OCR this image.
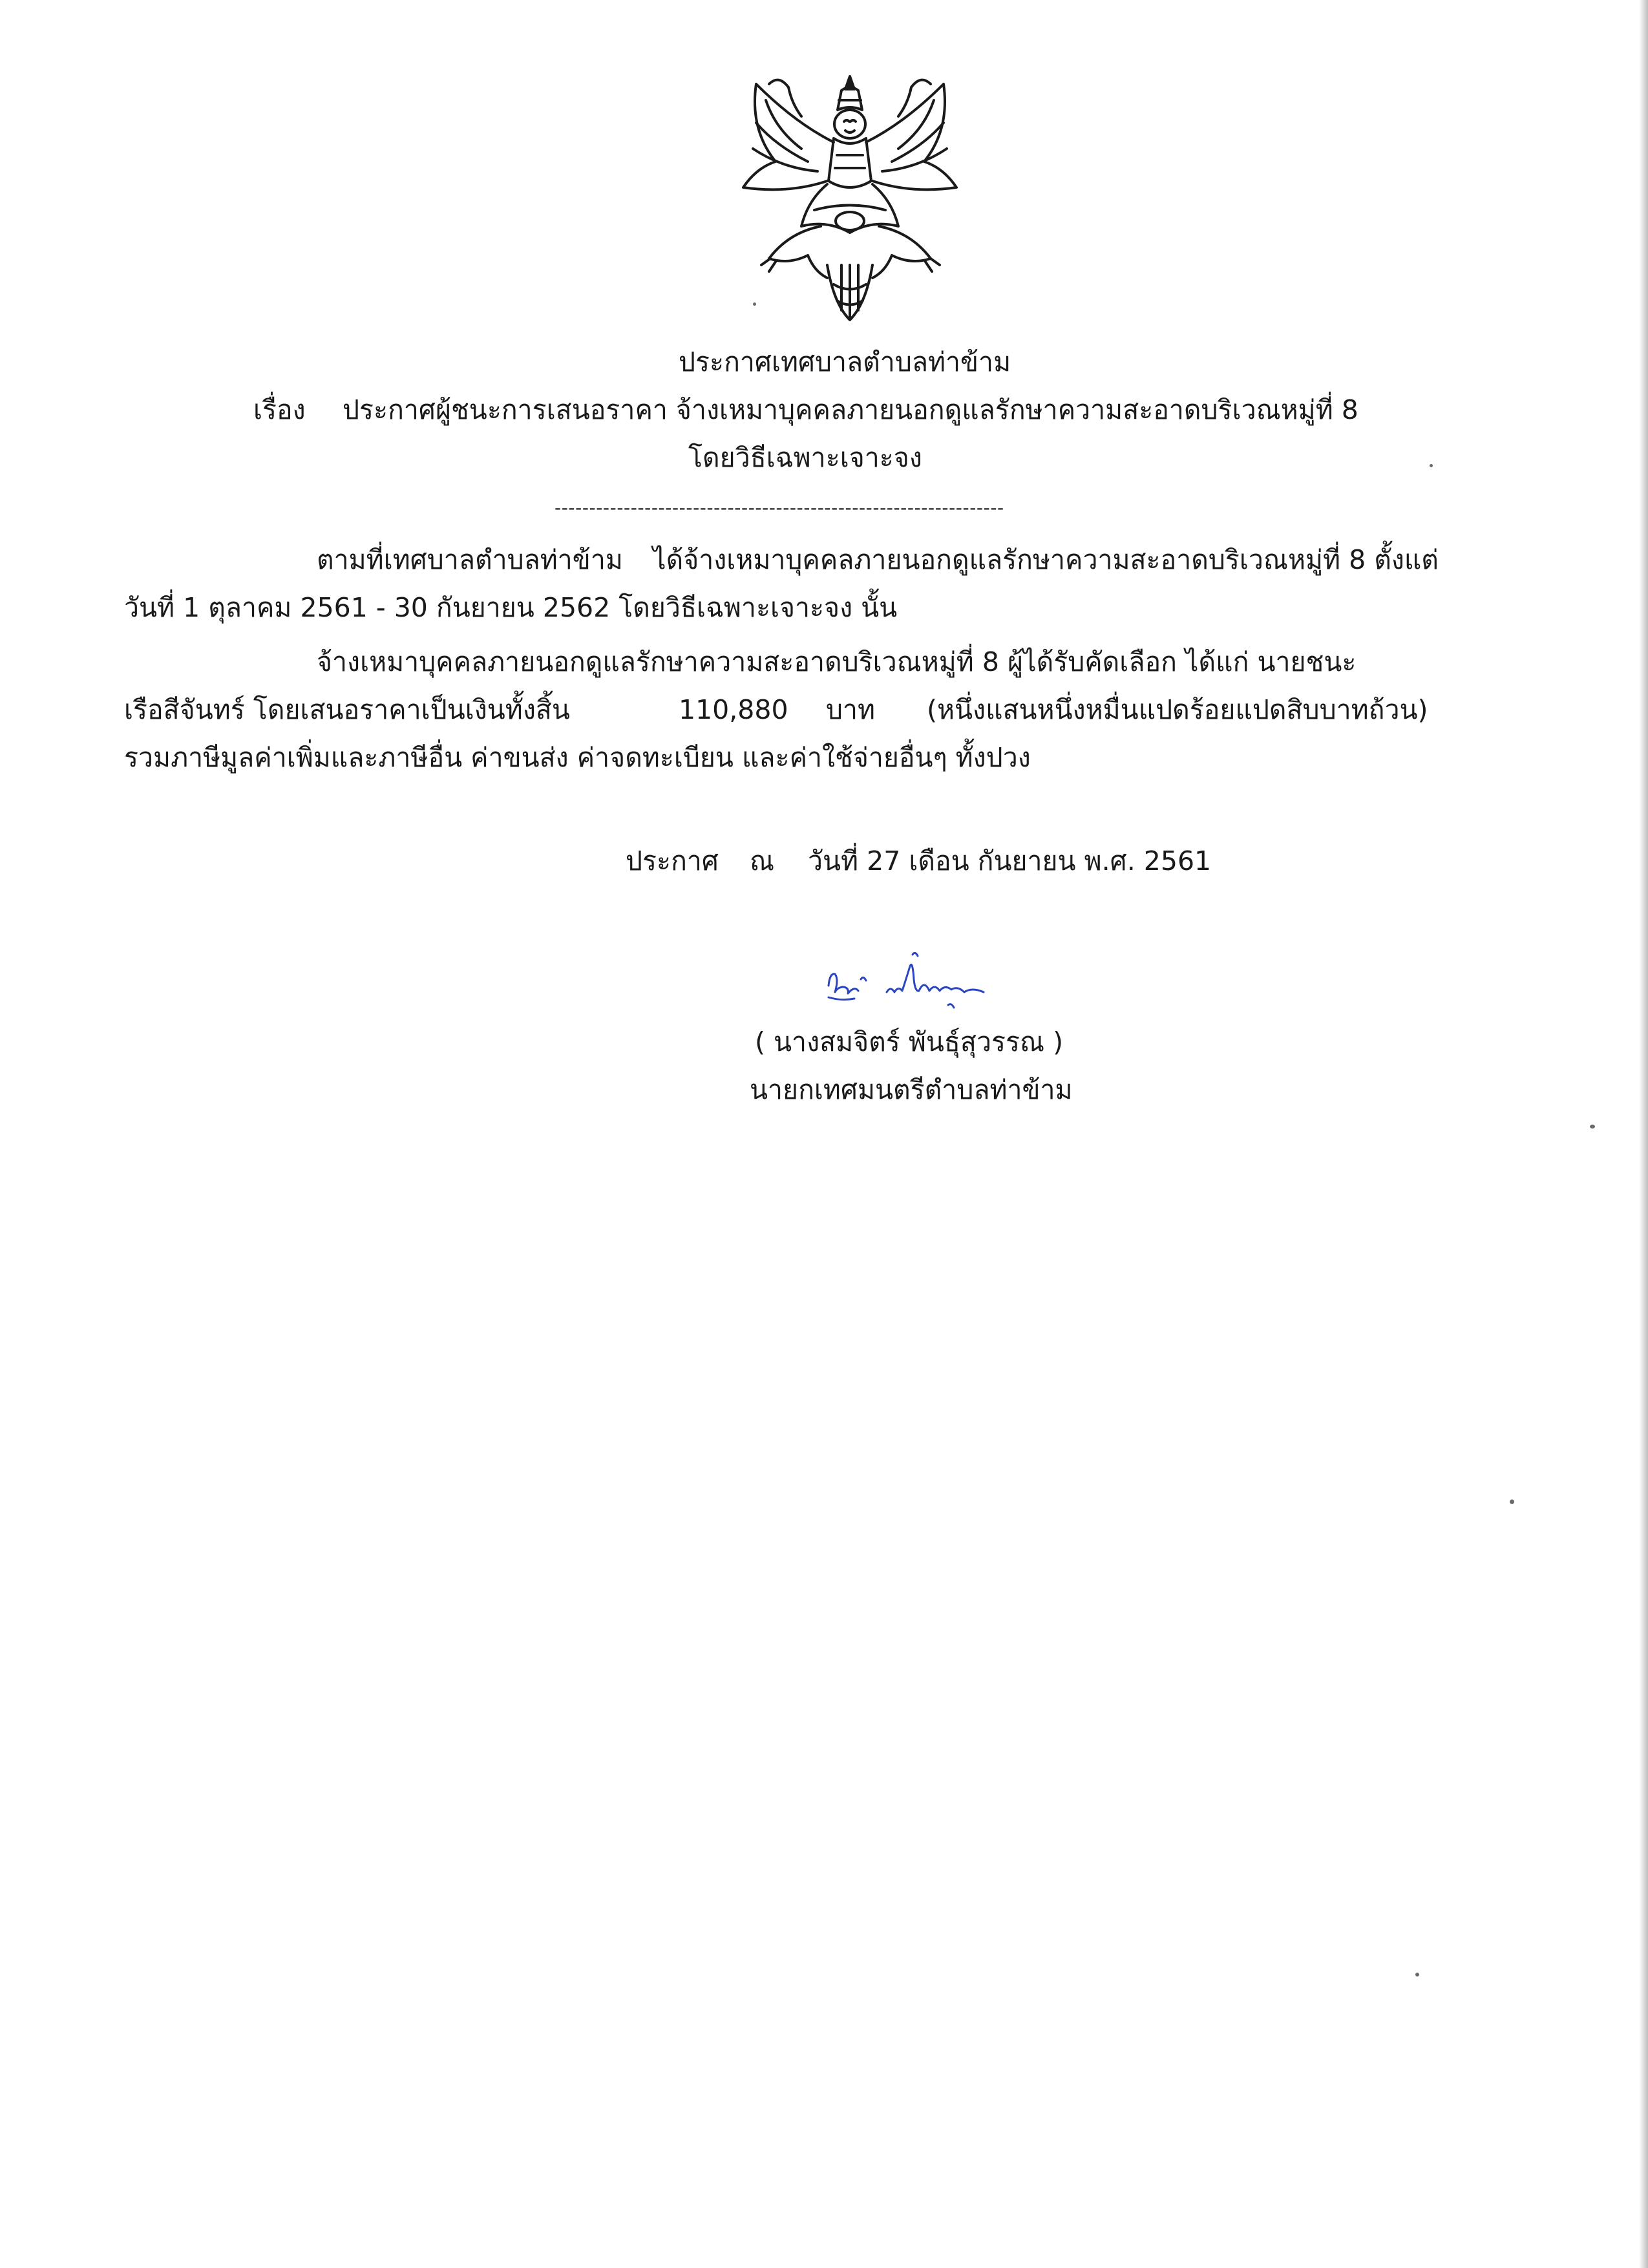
ประกาศเทศบาลตำบลท่าข้าม
เรื่อง ประกาศผู้ชนะการเสนอราคา จ้างเหมาบุคคลภายนอกดูแลรักษาความสะอาดบริเวณหมู่ที่ 8
โดยวิธีเฉพาะเจาะจง
-----------------------------------------------------------------
ตามที่เทศบาลตำบลท่าข้าม ได้จ้างเหมาบุคคลภายนอกดูแลรักษาความสะอาดบริเวณหมู่ที่ 8 ตั้งแต่
วันที่ 1 ตุลาคม 2561 - 30 กันยายน 2562 โดยวิธีเฉพาะเจาะจง นั้น
จ้างเหมาบุคคลภายนอกดูแลรักษาความสะอาดบริเวณหมู่ที่ 8 ผู้ได้รับคัดเลือก ได้แก่ นายชนะ
เรือสีจันทร์ โดยเสนอราคาเป็นเงินทั้งสิ้น	110,880 บาท (หนึ่งแสนหนึ่งหมื่นแปดร้อยแปดสิบบาทถ้วน)
รวมภาษีมูลค่าเพิ่มและภาษีอื่น ค่าขนส่ง ค่าจดทะเบียน และค่าใช้จ่ายอื่นๆ ทั้งปวง
ประกาศ ณ วันที่ 27 เดือน กันยายน พ.ศ. 2561
( นางสมจิตร์ พันธุ์สุวรรณ )
นายกเทศมนตรีตำบลท่าข้าม
